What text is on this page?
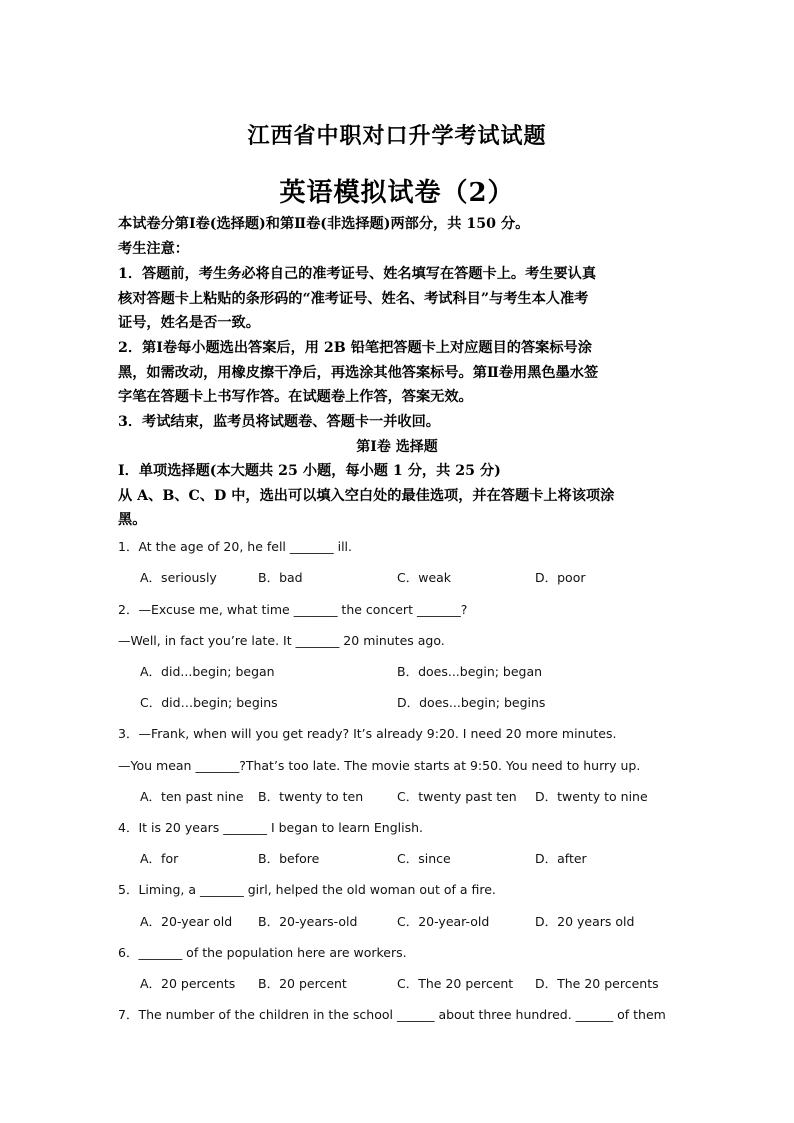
江西省中职对口升学考试试题
英语模拟试卷（2）
本试卷分第Ⅰ卷(选择题)和第Ⅱ卷(非选择题)两部分，共 150 分。
考生注意：
1．答题前，考生务必将自己的准考证号、姓名填写在答题卡上。考生要认真
核对答题卡上粘贴的条形码的“准考证号、姓名、考试科目”与考生本人准考
证号，姓名是否一致。
2．第Ⅰ卷每小题选出答案后，用 2B 铅笔把答题卡上对应题目的答案标号涂
黑，如需改动，用橡皮擦干净后，再选涂其他答案标号。第Ⅱ卷用黑色墨水签
字笔在答题卡上书写作答。在试题卷上作答，答案无效。
3．考试结束，监考员将试题卷、答题卡一并收回。
第Ⅰ卷 选择题
Ⅰ．单项选择题(本大题共 25 小题，每小题 1 分，共 25 分)
从 A、B、C、D 中，选出可以填入空白处的最佳选项，并在答题卡上将该项涂
黑。
1．At the age of 20, he fell _______ ill.
A．seriously	B．bad	C．weak	D．poor
2．—Excuse me, what time _______ the concert _______?
—Well, in fact you’re late. It _______ 20 minutes ago.
A．did...begin; began	B．does...begin; began
C．did…begin; begins	D．does...begin; begins
3．—Frank, when will you get ready? It’s already 9:20. I need 20 more minutes.
—You mean _______?That’s too late. The movie starts at 9:50. You need to hurry up.
A．ten past nine B．twenty to ten	C．twenty past ten D．twenty to nine
4．It is 20 years _______ I began to learn English.
A．for	B．before	C．since	D．after
5．Liming, a _______ girl, helped the old woman out of a fire.
A．20-year old B．20-years-old	C．20-year-old	D．20 years old
6．_______ of the population here are workers.
A．20 percents B．20 percent	C．The 20 percent D．The 20 percents
7．The number of the children in the school ______ about three hundred. ______ of them
